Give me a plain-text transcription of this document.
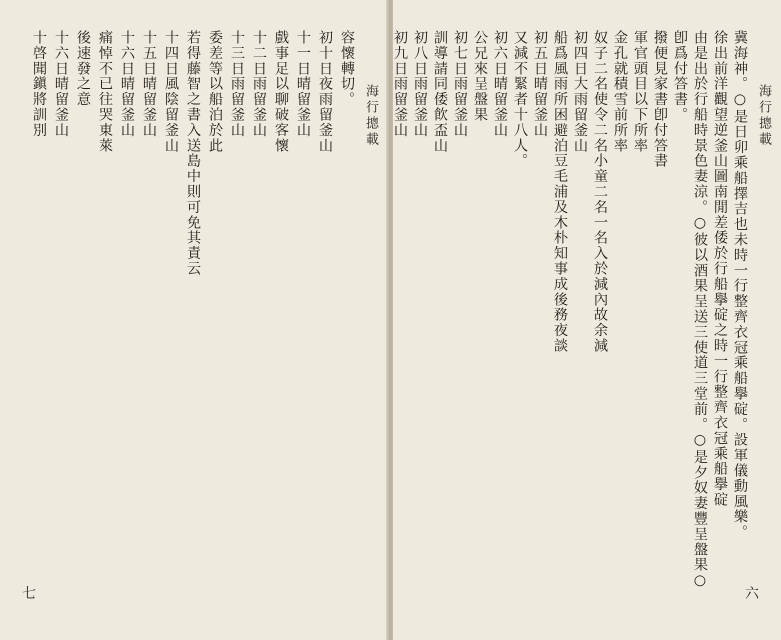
海行摠載
容懷轉切。
初十日夜雨留釜山
十一日晴留釜山
戲事足以聊破客懷
十二日雨留釜山
十三日雨留釜山
委差等以船泊於此
若得藤智之書入送島中則可免其責云
十四日風陰留釜山
十五日晴留釜山
十六日晴留釜山
痛悼不已往哭東萊
後速發之意
十六日晴留釜山
十啓聞鎭將訓別
七
海行摠載
冀海神。○是日卯乘船擇吉也未時一行整齊衣冠乘船擧碇。設軍儀動風樂。
徐出前洋觀望逆釜山圖南閒差倭於行船擧碇之時一行整齊衣冠乘船擧碇
由是出於行船時景色妻涼。○彼以酒果呈送三使道三堂前。○是夕奴妻豐呈盤果○
卽爲付答書。
撥便見家書卽付答書
軍官頭目以下所率
金孔就積雪前所率
奴子二名使令二名小童二名一名入於減內故余減
初四日大雨留釜山
船爲風雨所困避泊豆毛浦及木朴知事成後務夜談
初五日晴留釜山
又減不緊者十八人。
初六日晴留釜山
公兄來呈盤果
初七日雨留釜山
訓導請同倭飮盃山
初八日雨留釜山
初九日雨留釜山
六
